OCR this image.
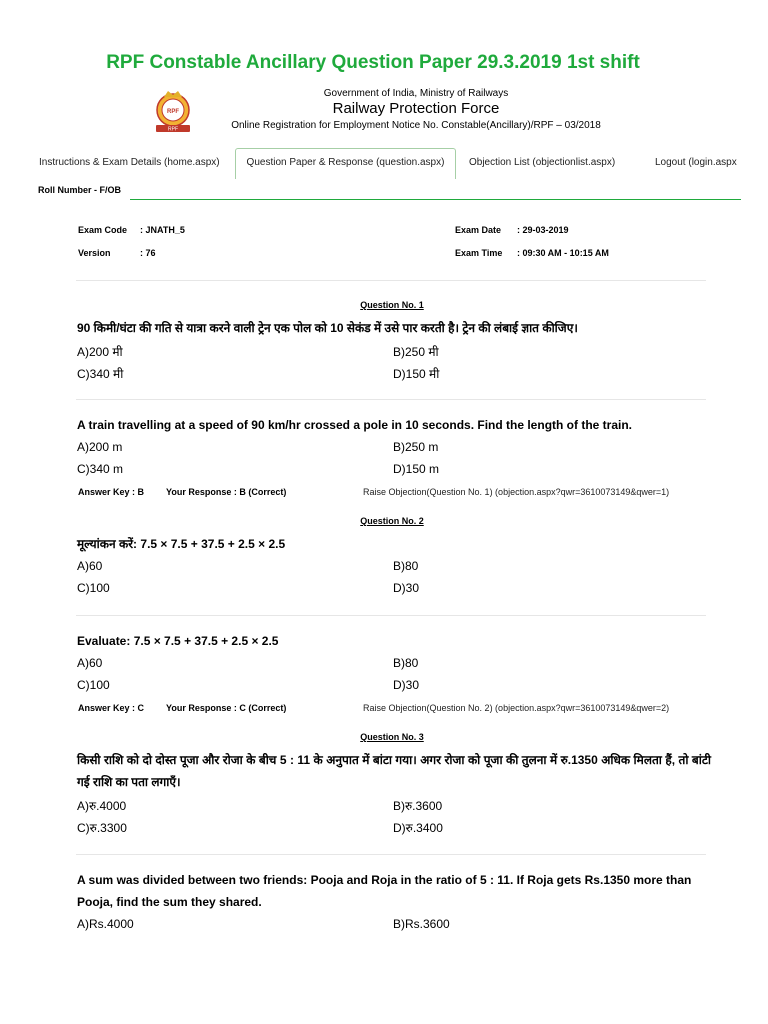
RPF Constable Ancillary Question Paper 29.3.2019 1st shift
RPF
RPF
Government of India, Ministry of Railways
Railway Protection Force
Online Registration for Employment Notice No. Constable(Ancillary)/RPF – 03/2018
Instructions & Exam Details (home.aspx)	Question Paper & Response (question.aspx)	Objection List (objectionlist.aspx)	Logout (login.aspx
Roll Number - F/OB
Exam Code : JNATH_5
Version	: 76
Exam Date : 29-03-2019
Exam Time : 09:30 AM - 10:15 AM
Question No. 1
90 किमी/घंटा की गति से यात्रा करने वाली ट्रेन एक पोल को 10 सेकंड में उसे पार करती है। ट्रेन की लंबाई ज्ञात कीजिए।
A)200 मी	B)250 मी
C)340 मी	D)150 मी
A train travelling at a speed of 90 km/hr crossed a pole in 10 seconds. Find the length of the train.
A)200 m	B)250 m
C)340 m	D)150 m
Answer Key : B Your Response : B (Correct)	Raise Objection(Question No. 1) (objection.aspx?qwr=3610073149&qwer=1)
Question No. 2
मूल्यांकन करें: 7.5 × 7.5 + 37.5 + 2.5 × 2.5
A)60	B)80
C)100	D)30
Evaluate: 7.5 × 7.5 + 37.5 + 2.5 × 2.5
A)60	B)80
C)100	D)30
Answer Key : C Your Response : C (Correct)	Raise Objection(Question No. 2) (objection.aspx?qwr=3610073149&qwer=2)
Question No. 3
किसी राशि को दो दोस्त पूजा और रोजा के बीच 5 : 11 के अनुपात में बांटा गया। अगर रोजा को पूजा की तुलना में रु.1350 अधिक मिलता हैं, तो बांटी गई राशि का पता लगाएँ।
A)रु.4000	B)रु.3600
C)रु.3300	D)रु.3400
A sum was divided between two friends: Pooja and Roja in the ratio of 5 : 11. If Roja gets Rs.1350 more than Pooja, find the sum they shared.
A)Rs.4000	B)Rs.3600
